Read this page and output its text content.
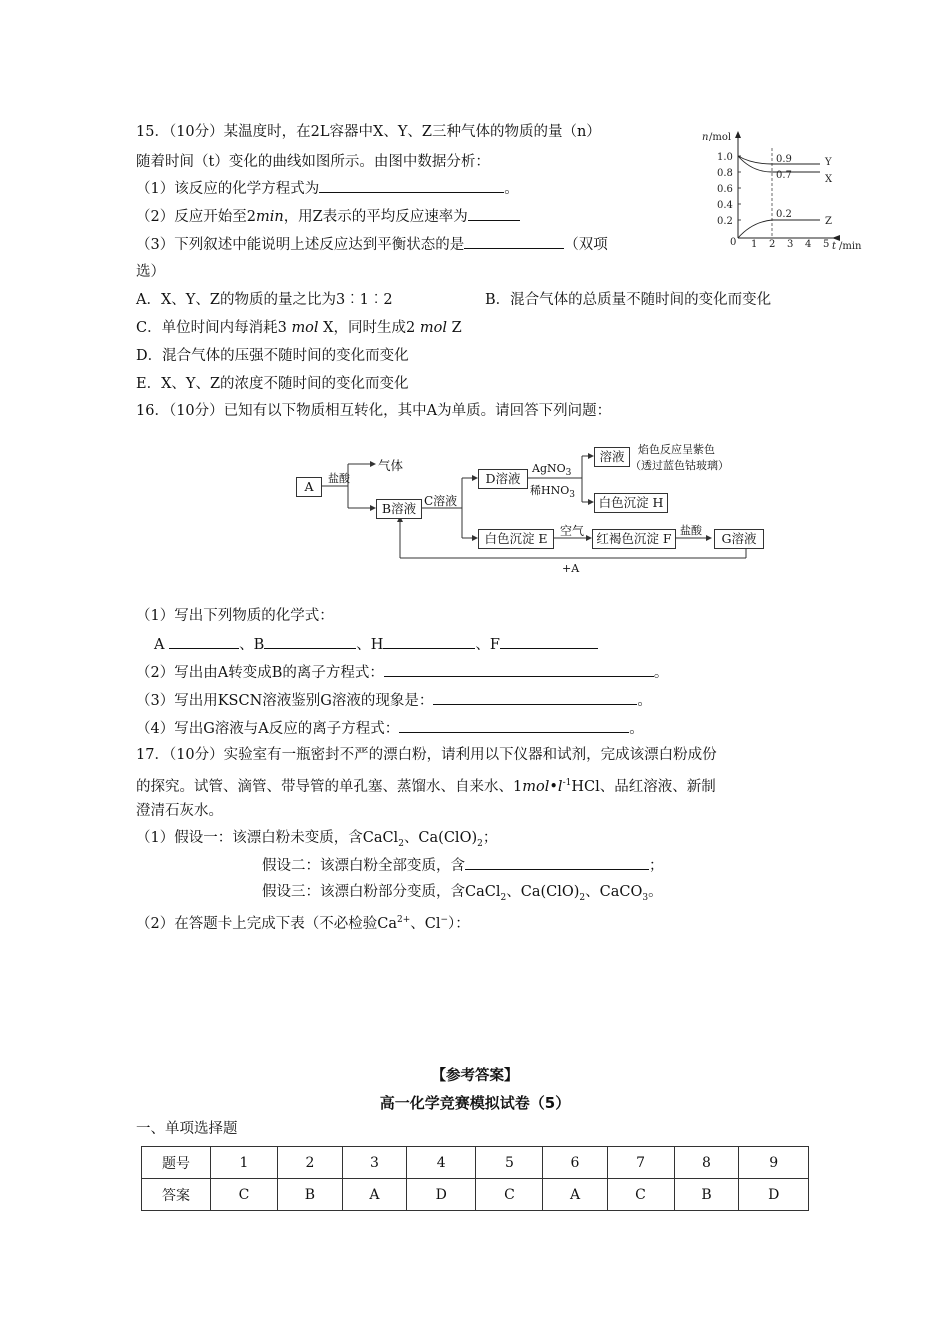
15．（10分）某温度时，在2L容器中X、Y、Z三种气体的物质的量（n）
随着时间（t）变化的曲线如图所示。由图中数据分析：
（1）该反应的化学方程式为	。
（2）反应开始至2min，用Z表示的平均反应速率为
（3）下列叙述中能说明上述反应达到平衡状态的是	（双项
选）
A．X、Y、Z的物质的量之比为3︰1︰2	B．混合气体的总质量不随时间的变化而变化
C．单位时间内每消耗3 mol X，同时生成2 mol Z
D．混合气体的压强不随时间的变化而变化
E．X、Y、Z的浓度不随时间的变化而变化
n /mol
1.0
0.8
0.6
0.4
0.2
0 1 2 3 4 5 t /min
0.9
0.7
0.2
Y
X
Z
16．（10分）已知有以下物质相互转化，其中A为单质。请回答下列问题：
A
盐酸
气体
B溶液 C溶液
D溶液
AgNO$_3$
稀$HNO_3$
溶液	焰色反应呈紫色
（透过蓝色钴玻璃）
白色沉淀 H
白色沉淀 E	空气 红褐色沉淀 F
盐酸
G溶液
+A
（1）写出下列物质的化学式：
A	、B	、H	、F
（2）写出由A转变成B的离子方程式：	。
（3）写出用KSCN溶液鉴别G溶液的现象是：	。
（4）写出G溶液与A反应的离子方程式：	。
17．（10分）实验室有一瓶密封不严的漂白粉，请利用以下仪器和试剂，完成该漂白粉成份
的探究。试管、滴管、带导管的单孔塞、蒸馏水、自来水、$1mol•l^{-1}HCl$、品红溶液、新制
澄清石灰水。
（1）假设一：该漂白粉未变质，含CaCl$_2$、$Ca(ClO)_2$；
假设二：该漂白粉全部变质，含	；
假设三：该漂白粉部分变质，含CaCl$_2$、$Ca(ClO)_2$、CaCO$_3$。
（2）在答题卡上完成下表（不必检验$Ca^{2+}$、Cl−）：
【参考答案】
高一化学竞赛模拟试卷（5）
一、单项选择题
题号	1	2	3	4	5	6	7	8	9
答案	C	B	A	D	C	A	C	B	D
